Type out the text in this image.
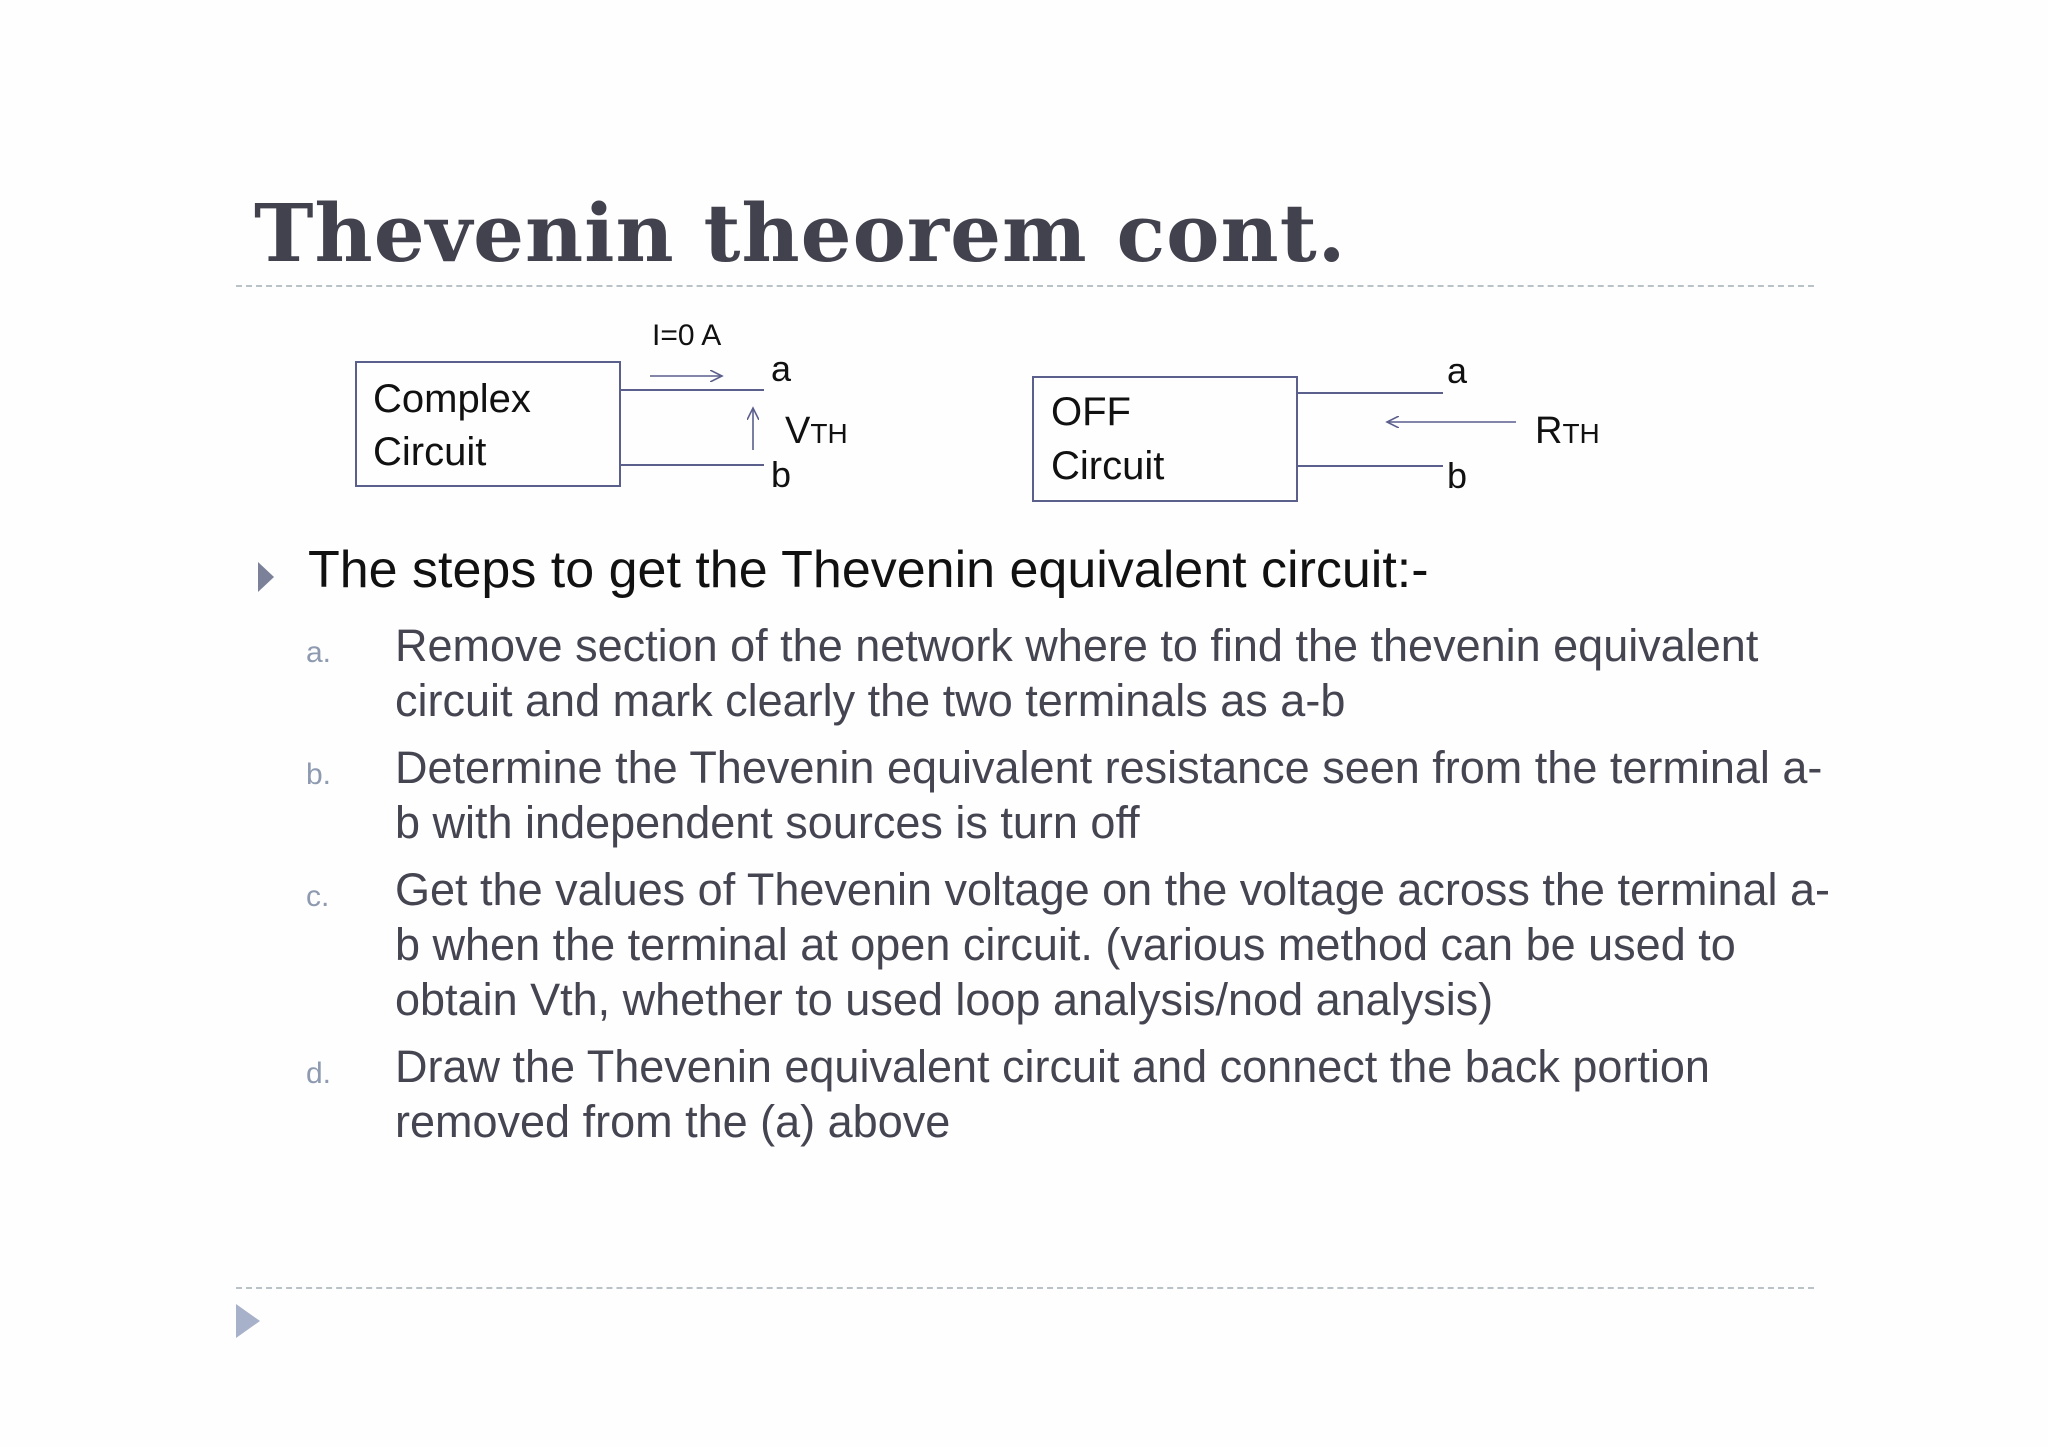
Thevenin theorem cont.
Complex
Circuit
I=0 A
a
b
VTH	OFF
Circuit
a
b
RTH

The steps to get the Thevenin equivalent circuit:-

a. Remove section of the network where to find the thevenin equivalent circuit and mark clearly the two terminals as a-b
b. Determine the Thevenin equivalent resistance seen from the terminal a-b with independent sources is turn off
c. Get the values of Thevenin voltage on the voltage across the terminal a-b when the terminal at open circuit. (various method can be used to obtain Vth, whether to used loop analysis/nod analysis)
d. Draw the Thevenin equivalent circuit and connect the back portion removed from the (a) above
